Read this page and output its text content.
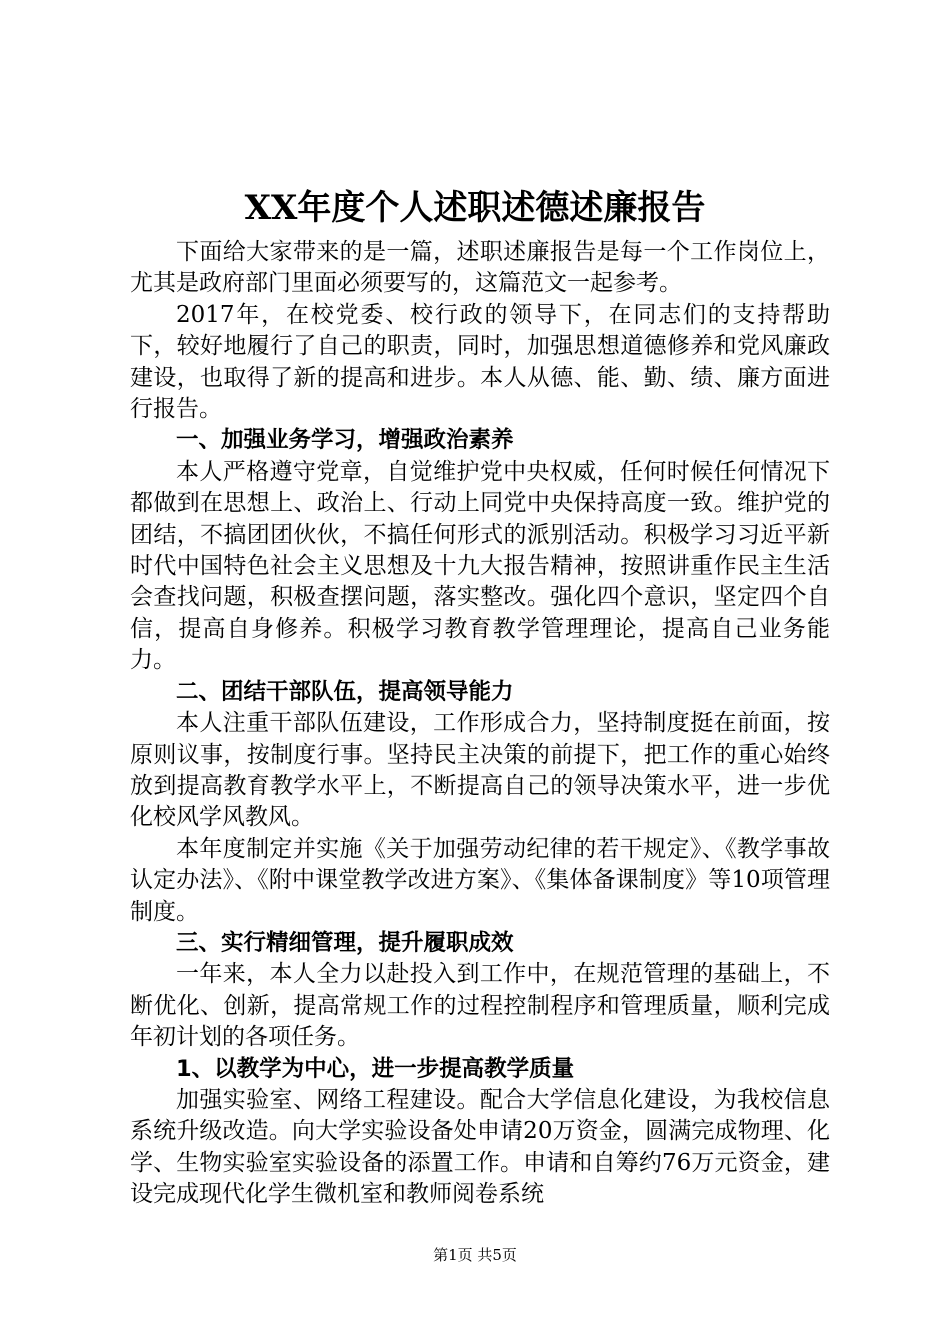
XX年度个人述职述德述廉报告

下面给大家带来的是一篇，述职述廉报告是每一个工作岗位上，尤其是政府部门里面必须要写的，这篇范文一起参考。

2017年，在校党委、校行政的领导下，在同志们的支持帮助下，较好地履行了自己的职责，同时，加强思想道德修养和党风廉政建设，也取得了新的提高和进步。本人从德、能、勤、绩、廉方面进行报告。

一、加强业务学习，增强政治素养

本人严格遵守党章，自觉维护党中央权威，任何时候任何情况下都做到在思想上、政治上、行动上同党中央保持高度一致。维护党的团结，不搞团团伙伙，不搞任何形式的派别活动。积极学习习近平新时代中国特色社会主义思想及十九大报告精神，按照讲重作民主生活会查找问题，积极查摆问题，落实整改。强化四个意识，坚定四个自信，提高自身修养。积极学习教育教学管理理论，提高自己业务能力。

二、团结干部队伍，提高领导能力

本人注重干部队伍建设，工作形成合力，坚持制度挺在前面，按原则议事，按制度行事。坚持民主决策的前提下，把工作的重心始终放到提高教育教学水平上，不断提高自己的领导决策水平，进一步优化校风学风教风。

本年度制定并实施《关于加强劳动纪律的若干规定》、《教学事故认定办法》、《附中课堂教学改进方案》、《集体备课制度》等10项管理制度。

三、实行精细管理，提升履职成效

一年来，本人全力以赴投入到工作中，在规范管理的基础上，不断优化、创新，提高常规工作的过程控制程序和管理质量，顺利完成年初计划的各项任务。

1、以教学为中心，进一步提高教学质量

加强实验室、网络工程建设。配合大学信息化建设，为我校信息系统升级改造。向大学实验设备处申请20万资金，圆满完成物理、化学、生物实验室实验设备的添置工作。申请和自筹约76万元资金，建设完成现代化学生微机室和教师阅卷系统

第1页 共5页
